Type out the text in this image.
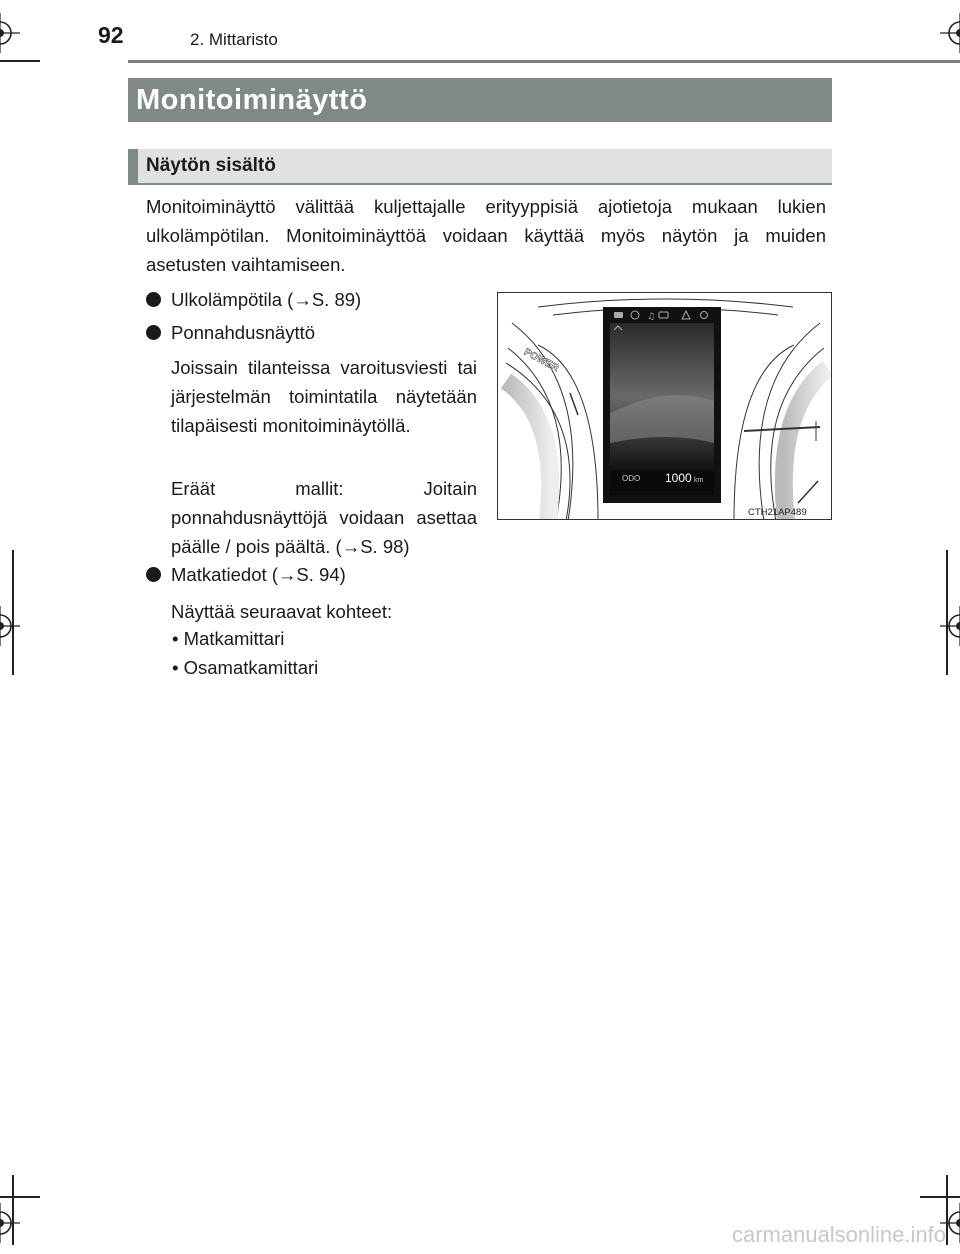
92	2. Mittaristo
Monitoiminäyttö
Näytön sisältö

Monitoiminäyttö välittää kuljettajalle erityyppisiä ajotietoja mukaan lukien ulkolämpötilan. Monitoiminäyttöä voidaan käyttää myös näytön ja muiden asetusten vaihtamiseen.

Ulkolämpötila (→S. 89)
Ponnahdusnäyttö

Joissain tilanteissa varoitusviesti tai järjestelmän toimintatila näytetään tilapäisesti monitoiminäytöllä.

Eräät mallit: Joitain ponnahdusnäyttöjä voidaan asettaa päälle / pois päältä. (→S. 98)

Matkatiedot (→S. 94)
Näyttää seuraavat kohteet:
• Matkamittari
• Osamatkamittari
POWER
♫
ODO 1000 km
CTH21AP489
carmanualsonline.info
